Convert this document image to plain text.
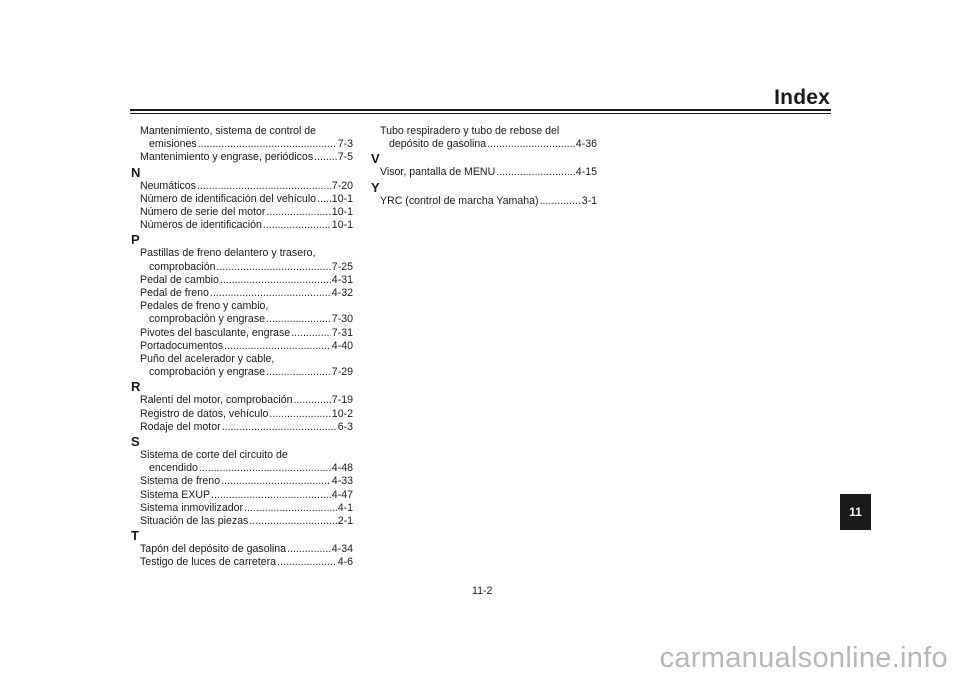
Index
Mantenimiento, sistema de control de
emisiones .....	7-3
Mantenimiento y engrase, periódicos ..... 7-5
N
Neumáticos .....	7-20
Número de identificación del vehículo ..... 10-1
Número de serie del motor .....	10-1
Números de identificación .....	10-1
P
Pastillas de freno delantero y trasero,
comprobación .....	7-25
Pedal de cambio .....	4-31
Pedal de freno .....	4-32
Pedales de freno y cambio,
comprobación y engrase .....	7-30
Pivotes del basculante, engrase .....	7-31
Portadocumentos .....	4-40
Puño del acelerador y cable,
comprobación y engrase .....	7-29
R
Ralentí del motor, comprobación .....	7-19
Registro de datos, vehículo .....	10-2
Rodaje del motor .....	6-3
S
Sistema de corte del circuito de
encendido .....	4-48
Sistema de freno .....	4-33
Sistema EXUP .....	4-47
Sistema inmovilizador .....	4-1
Situación de las piezas .....	2-1
T
Tapón del depósito de gasolina .....	4-34
Testigo de luces de carretera .....	4-6
Tubo respiradero y tubo de rebose del
depósito de gasolina .....	4-36
V
Visor, pantalla de MENU .....	4-15
Y
YRC (control de marcha Yamaha) .....	3-1
11
11-2
carmanualsonline.info
